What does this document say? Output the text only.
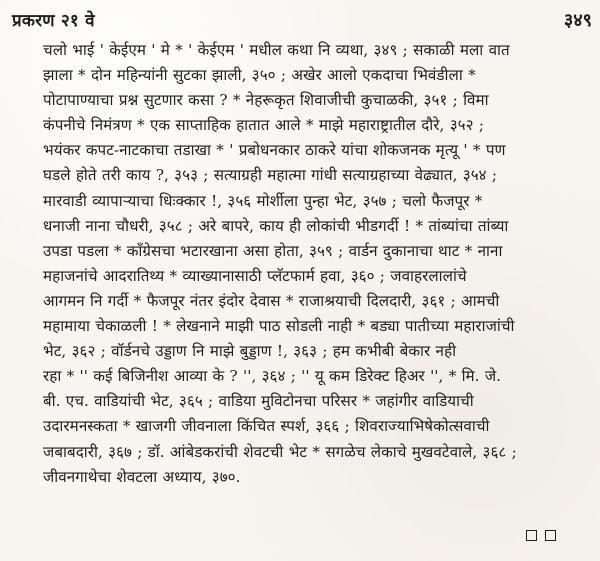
प्रकरण २१ वे	३४९
चलो भाई ' केईएम ' मे * ' केईएम ' मधील कथा नि व्यथा, ३४९ ; सकाळी मला वात
झाला * दोन महिन्यांनी सुटका झाली, ३५० ; अखेर आलो एकदाचा भिवंडीला *
पोटापाण्याचा प्रश्न सुटणार कसा ? * नेहरूकृत शिवाजीची कुचाळकी, ३५१ ; विमा
कंपनीचे निमंत्रण * एक साप्ताहिक हातात आले * माझे महाराष्ट्रातील दौरे, ३५२ ;
भयंकर कपट-नाटकाचा तडाखा * ' प्रबोधनकार ठाकरे यांचा शोकजनक मृत्यू ' * पण
घडले होते तरी काय ?, ३५३ ; सत्याग्रही महात्मा गांधी सत्याग्रहाच्या वेढ्यात, ३५४ ;
मारवाडी व्यापाऱ्याचा धिःक्कार !, ३५६ मोर्शीला पुन्हा भेट, ३५७ ; चलो फैजपूर *
धनाजी नाना चौधरी, ३५८ ; अरे बापरे, काय ही लोकांची भीडगर्दी ! * तांब्यांचा तांब्या
उपडा पडला * काँग्रेसचा भटारखाना असा होता, ३५९ ; वार्डन दुकानाचा थाट * नाना
महाजनांचे आदरातिथ्य * व्याख्यानासाठी प्लॅटफार्म हवा, ३६० ; जवाहरलालांचे
आगमन नि गर्दी * फैजपूर नंतर इंदोर देवास * राजाश्रयाची दिलदारी, ३६१ ; आमची
महामाया चेकाळली ! * लेखनाने माझी पाठ सोडली नाही * बड्या पातीच्या महाराजांची
भेट, ३६२ ; वॉर्डनचे उड्डाण नि माझे बुड्डाण !, ३६३ ; हम कभीबी बेकार नही
रहा * '' कई बिजिनीश आव्या के ? '', ३६४ ; '' यू कम डिरेक्ट हिअर '', * मि. जे.
बी. एच. वाडियांची भेट, ३६५ ; वाडिया मुविटोनचा परिसर * जहांगीर वाडियाची
उदारमनस्कता * खाजगी जीवनाला किंचित स्पर्श, ३६६ ; शिवराज्याभिषेकोत्सवाची
जबाबदारी, ३६७ ; डॉ. आंबेडकरांची शेवटची भेट * सगळेच लेकाचे मुखवटेवाले, ३६८ ;
जीवनगाथेचा शेवटला अध्याय, ३७०.
